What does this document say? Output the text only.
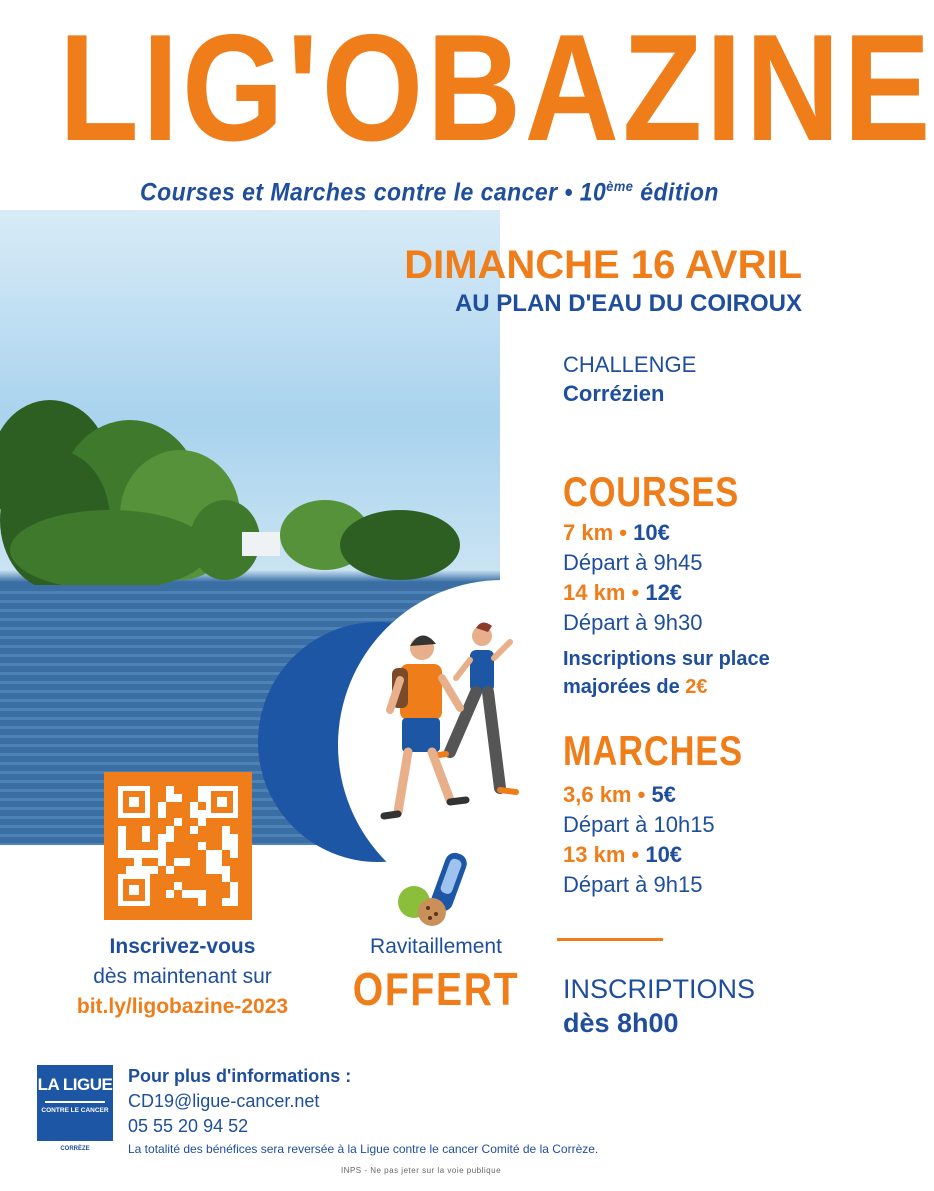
LIG'OBAZINE
Courses et Marches contre le cancer • 10ème édition
DIMANCHE 16 AVRIL
AU PLAN D'EAU DU COIROUX
CHALLENGE
Corrézien
COURSES
7 km • 10€
Départ à 9h45
14 km • 12€
Départ à 9h30
Inscriptions sur place
majorées de 2€
MARCHES
3,6 km • 5€
Départ à 10h15
13 km • 10€
Départ à 9h15
INSCRIPTIONS
dès 8h00
Inscrivez-vous
dès maintenant sur
bit.ly/ligobazine-2023
Ravitaillement
OFFERT
LA LIGUE
CONTRE LE CANCER
CORRÈZE
Pour plus d'informations :
CD19@ligue-cancer.net
05 55 20 94 52
La totalité des bénéfices sera reversée à la Ligue contre le cancer Comité de la Corrèze.
INPS - Ne pas jeter sur la voie publique
